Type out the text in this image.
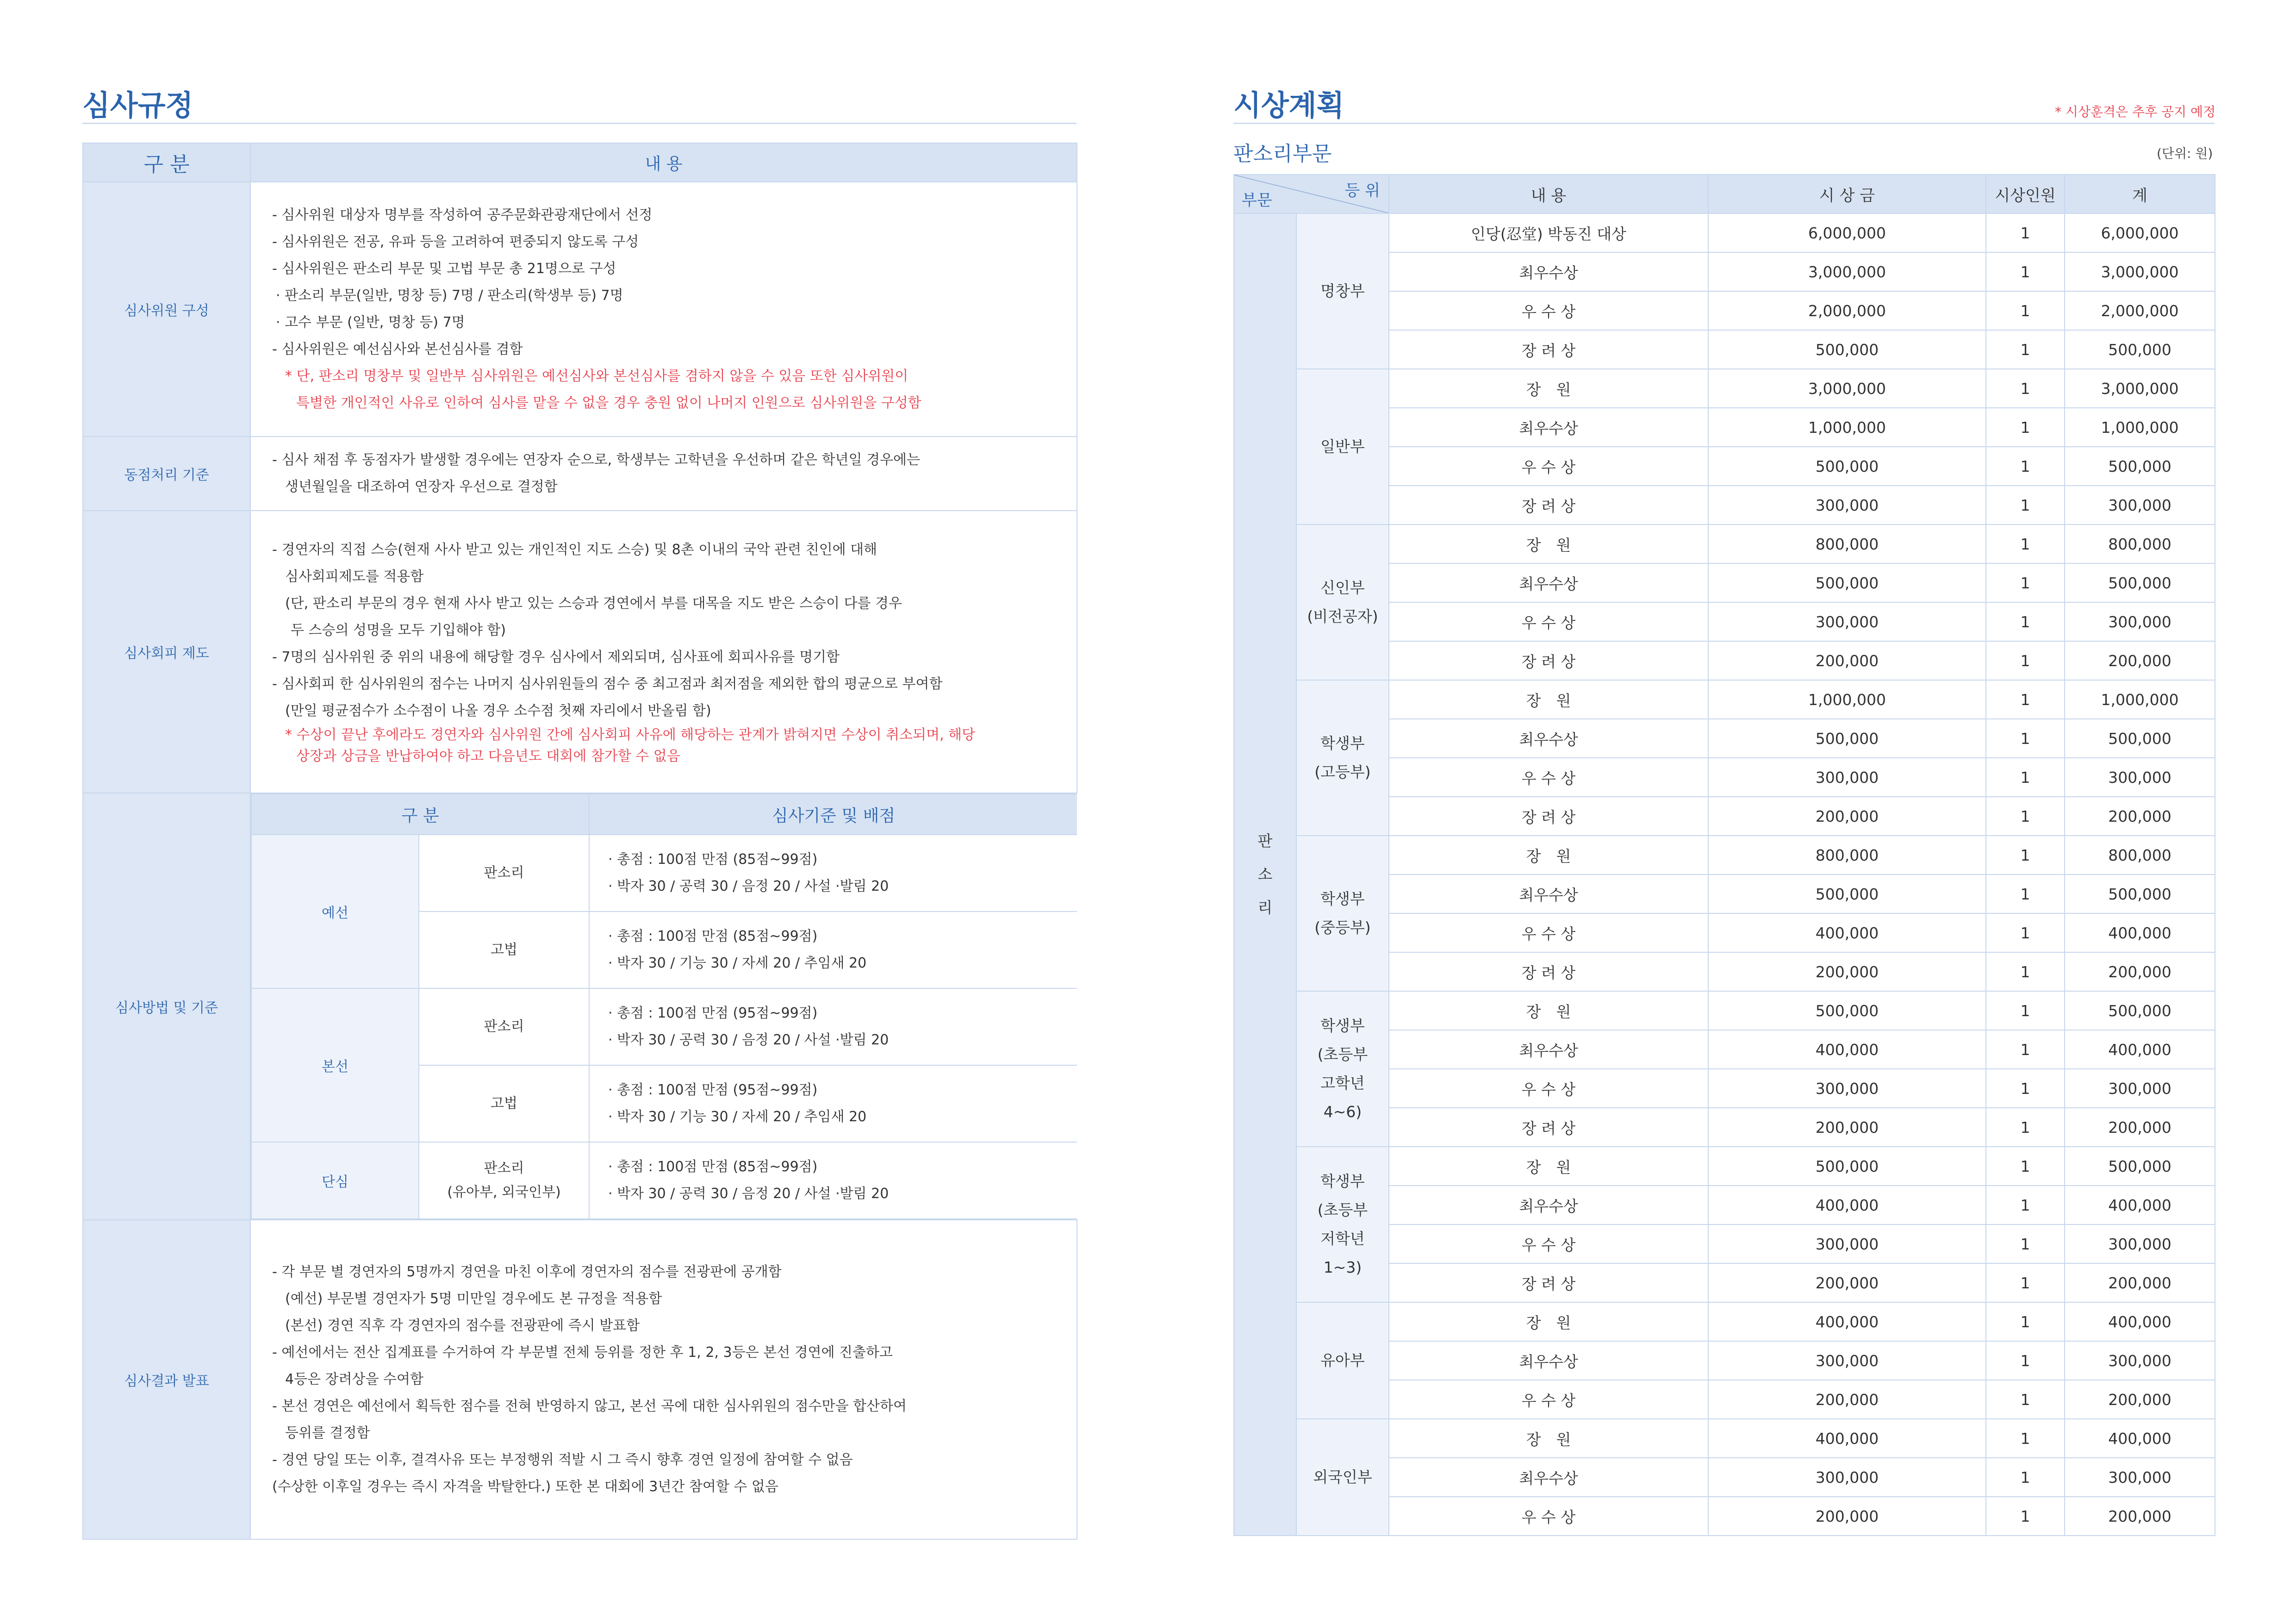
심사규정
구 분	내 용
심사위원 구성	
- 심사위원 대상자 명부를 작성하여 공주문화관광재단에서 선정
- 심사위원은 전공, 유파 등을 고려하여 편중되지 않도록 구성
- 심사위원은 판소리 부문 및 고법 부문 총 21명으로 구성
· 판소리 부문(일반, 명창 등) 7명 / 판소리(학생부 등) 7명
· 고수 부문 (일반, 명창 등) 7명
- 심사위원은 예선심사와 본선심사를 겸함
* 단, 판소리 명창부 및 일반부 심사위원은 예선심사와 본선심사를 겸하지 않을 수 있음 또한 심사위원이
특별한 개인적인 사유로 인하여 심사를 맡을 수 없을 경우 충원 없이 나머지 인원으로 심사위원을 구성함

동점처리 기준	
- 심사 채점 후 동점자가 발생할 경우에는 연장자 순으로, 학생부는 고학년을 우선하며 같은 학년일 경우에는
생년월일을 대조하여 연장자 우선으로 결정함

심사회피 제도	
- 경연자의 직접 스승(현재 사사 받고 있는 개인적인 지도 스승) 및 8촌 이내의 국악 관련 친인에 대해
심사회피제도를 적용함
(단, 판소리 부문의 경우 현재 사사 받고 있는 스승과 경연에서 부를 대목을 지도 받은 스승이 다를 경우
두 스승의 성명을 모두 기입해야 함)
- 7명의 심사위원 중 위의 내용에 해당할 경우 심사에서 제외되며, 심사표에 회피사유를 명기함
- 심사회피 한 심사위원의 점수는 나머지 심사위원들의 점수 중 최고점과 최저점을 제외한 합의 평균으로 부여함
(만일 평균점수가 소수점이 나올 경우 소수점 첫째 자리에서 반올림 함)
* 수상이 끝난 후에라도 경연자와 심사위원 간에 심사회피 사유에 해당하는 관계가 밝혀지면 수상이 취소되며, 해당
상장과 상금을 반납하여야 하고 다음년도 대회에 참가할 수 없음

심사방법 및 기준	
구 분	심사기준 및 배점
예선	판소리	
· 총점 : 100점 만점 (85점~99점)
· 박자 30 / 공력 30 / 음정 20 / 사설 ·발림 20

고법	
· 총점 : 100점 만점 (85점~99점)
· 박자 30 / 기능 30 / 자세 20 / 추임새 20

본선	판소리	
· 총점 : 100점 만점 (95점~99점)
· 박자 30 / 공력 30 / 음정 20 / 사설 ·발림 20

고법	
· 총점 : 100점 만점 (95점~99점)
· 박자 30 / 기능 30 / 자세 20 / 추임새 20

단심	
판소리
(유아부, 외국인부)

· 총점 : 100점 만점 (85점~99점)
· 박자 30 / 공력 30 / 음정 20 / 사설 ·발림 20

심사결과 발표	
- 각 부문 별 경연자의 5명까지 경연을 마친 이후에 경연자의 점수를 전광판에 공개함
(예선) 부문별 경연자가 5명 미만일 경우에도 본 규정을 적용함
(본선) 경연 직후 각 경연자의 점수를 전광판에 즉시 발표함
- 예선에서는 전산 집계표를 수거하여 각 부문별 전체 등위를 정한 후 1, 2, 3등은 본선 경연에 진출하고
4등은 장려상을 수여함
- 본선 경연은 예선에서 획득한 점수를 전혀 반영하지 않고, 본선 곡에 대한 심사위원의 점수만을 합산하여
등위를 결정함
- 경연 당일 또는 이후, 결격사유 또는 부정행위 적발 시 그 즉시 향후 경연 일정에 참여할 수 없음
(수상한 이후일 경우는 즉시 자격을 박탈한다.) 또한 본 대회에 3년간 참여할 수 없음
시상계획	* 시상훈격은 추후 공지 예정
판소리부문	(단위: 원)
등 위
부문		내 용	시 상 금	시상인원	계

판
소
리	명창부	인당(忍堂) 박동진 대상	6,000,000	1	6,000,000
		최우수상	3,000,000	1	3,000,000
		우 수 상	2,000,000	1	2,000,000
		장 려 상	500,000	1	500,000

	일반부	장　원	3,000,000	1	3,000,000
		최우수상	1,000,000	1	1,000,000
		우 수 상	500,000	1	500,000
		장 려 상	300,000	1	300,000

	신인부
(비전공자)	장　원	800,000	1	800,000
		최우수상	500,000	1	500,000
		우 수 상	300,000	1	300,000
		장 려 상	200,000	1	200,000

	학생부
(고등부)	장　원	1,000,000	1	1,000,000
		최우수상	500,000	1	500,000
		우 수 상	300,000	1	300,000
		장 려 상	200,000	1	200,000

	학생부
(중등부)	장　원	800,000	1	800,000
		최우수상	500,000	1	500,000
		우 수 상	400,000	1	400,000
		장 려 상	200,000	1	200,000

	학생부
(초등부
고학년
4~6)	장　원	500,000	1	500,000
		최우수상	400,000	1	400,000
		우 수 상	300,000	1	300,000
		장 려 상	200,000	1	200,000

	학생부
(초등부
저학년
1~3)	장　원	500,000	1	500,000
		최우수상	400,000	1	400,000
		우 수 상	300,000	1	300,000
		장 려 상	200,000	1	200,000

	유아부	장　원	400,000	1	400,000
		최우수상	300,000	1	300,000
		우 수 상	200,000	1	200,000

	외국인부	장　원	400,000	1	400,000
		최우수상	300,000	1	300,000
		우 수 상	200,000	1	200,000
